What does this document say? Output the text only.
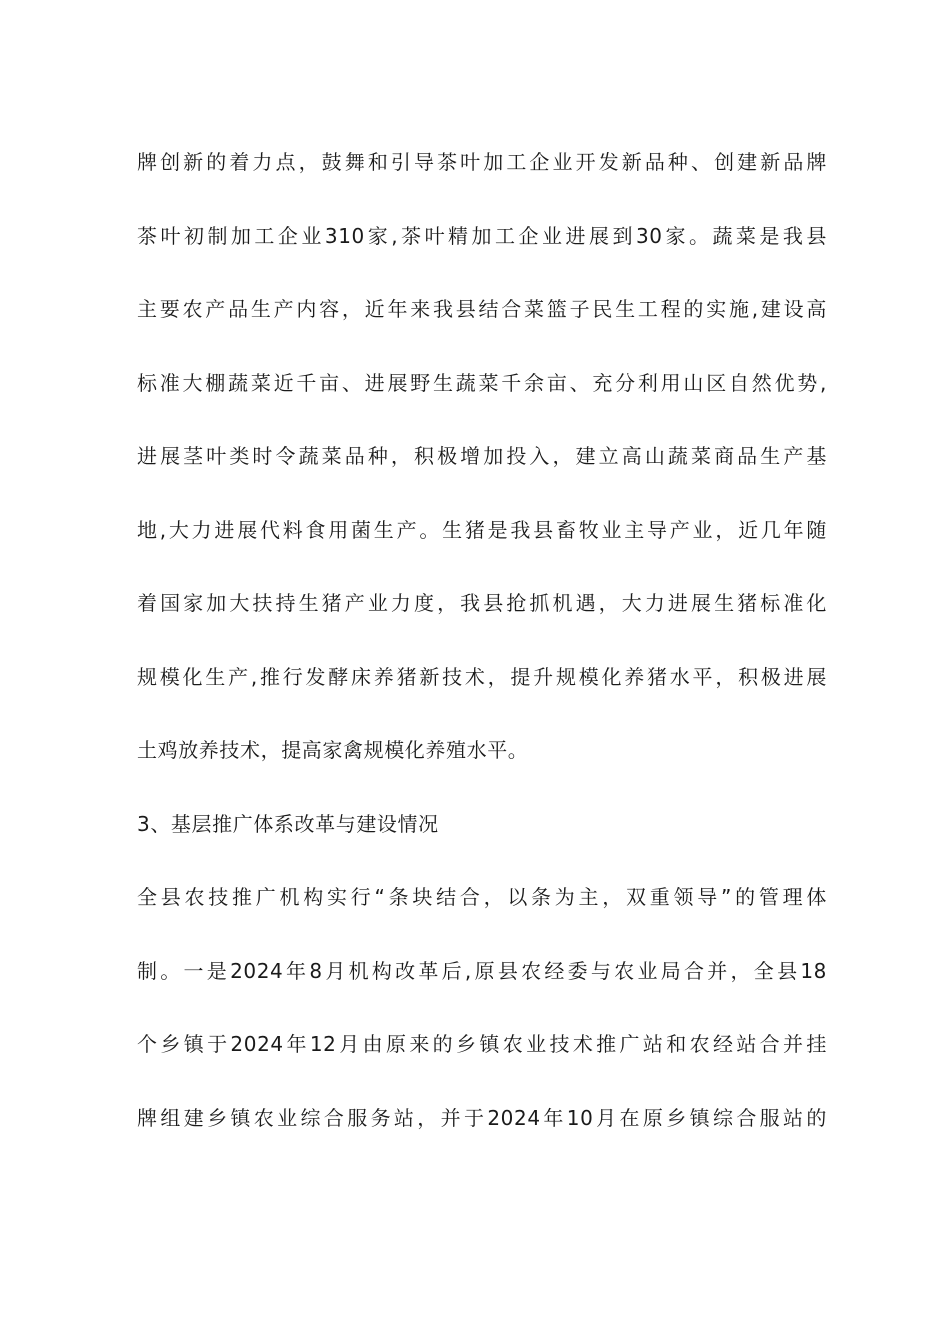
牌创新的着力点，鼓舞和引导茶叶加工企业开发新品种、创建新品牌
茶叶初制加工企业310家,茶叶精加工企业进展到30家。蔬菜是我县
主要农产品生产内容，近年来我县结合菜篮子民生工程的实施,建设高
标准大棚蔬菜近千亩、进展野生蔬菜千余亩、充分利用山区自然优势,
进展茎叶类时令蔬菜品种，积极增加投入，建立高山蔬菜商品生产基
地,大力进展代料食用菌生产。生猪是我县畜牧业主导产业，近几年随
着国家加大扶持生猪产业力度，我县抢抓机遇，大力进展生猪标准化
规模化生产,推行发酵床养猪新技术，提升规模化养猪水平，积极进展
土鸡放养技术，提高家禽规模化养殖水平。
3、基层推广体系改革与建设情况
全县农技推广机构实行“条块结合，以条为主，双重领导”的管理体
制。一是2024年8月机构改革后,原县农经委与农业局合并，全县18
个乡镇于2024年12月由原来的乡镇农业技术推广站和农经站合并挂
牌组建乡镇农业综合服务站，并于2024年10月在原乡镇综合服站的
